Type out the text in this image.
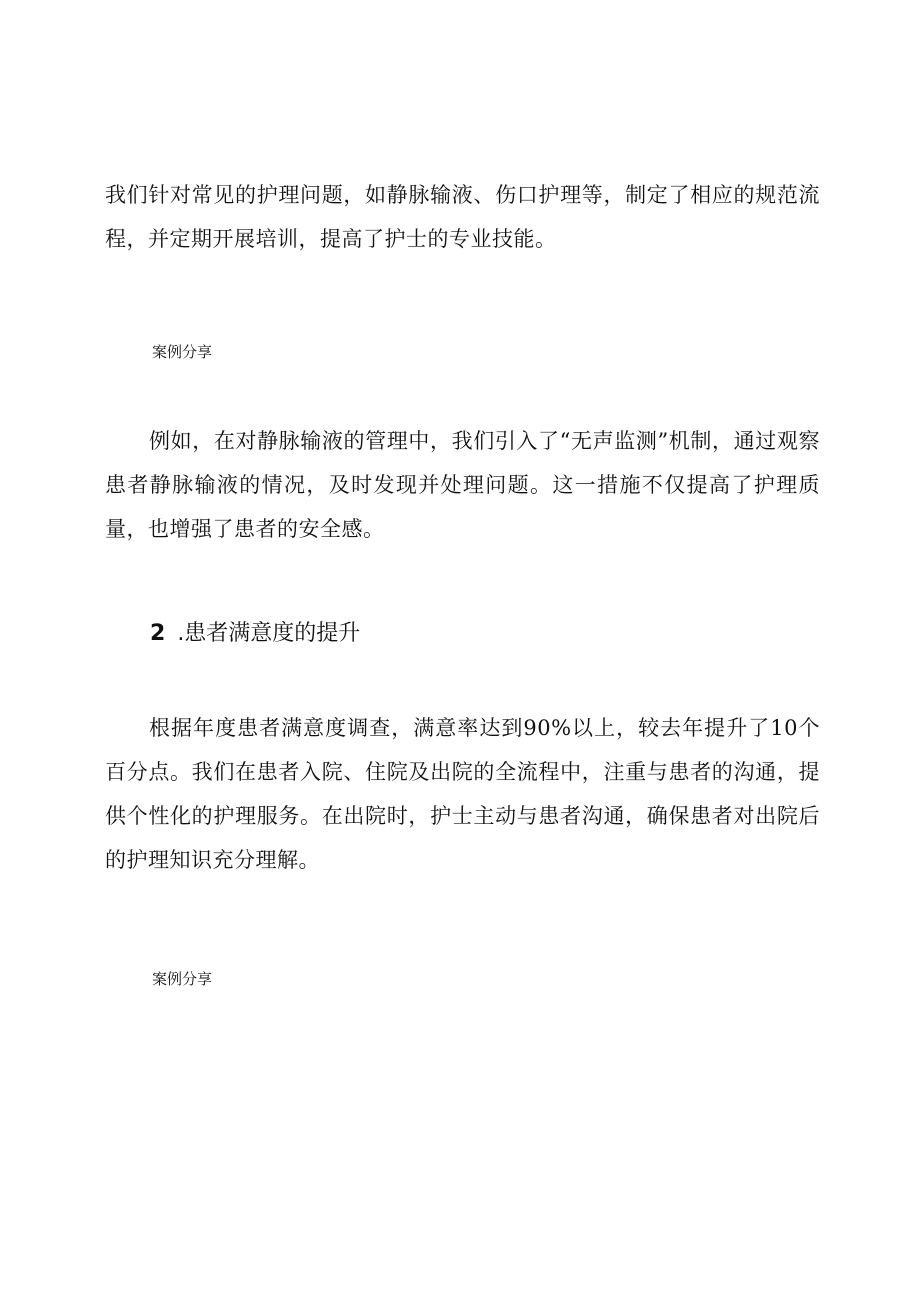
我们针对常见的护理问题，如静脉输液、伤口护理等，制定了相应的规范流程，并定期开展培训，提高了护士的专业技能。

案例分享

例如，在对静脉输液的管理中，我们引入了“无声监测”机制，通过观察患者静脉输液的情况，及时发现并处理问题。这一措施不仅提高了护理质量，也增强了患者的安全感。

2 .患者满意度的提升

根据年度患者满意度调查，满意率达到90%以上，较去年提升了10个百分点。我们在患者入院、住院及出院的全流程中，注重与患者的沟通，提供个性化的护理服务。在出院时，护士主动与患者沟通，确保患者对出院后的护理知识充分理解。

案例分享
